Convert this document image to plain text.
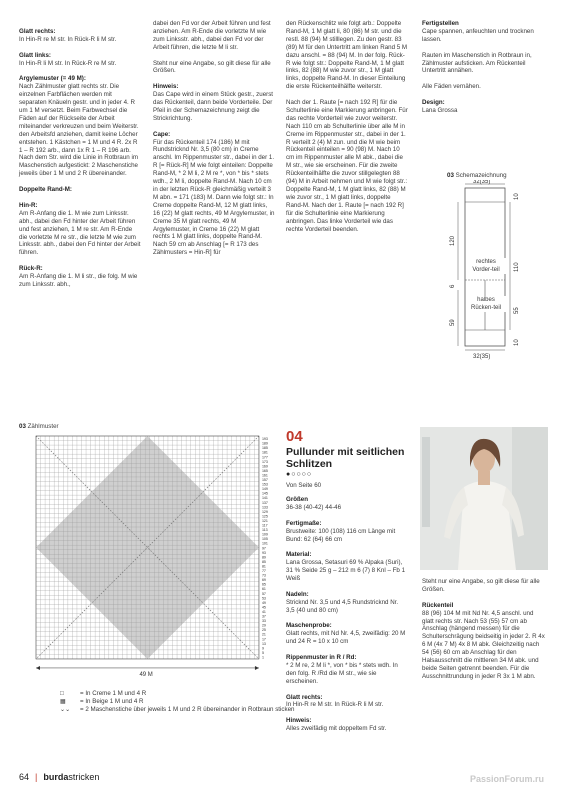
Glatt rechts:
In Hin-R re M str. In Rück-R li M str.

Glatt links:
In Hin-R li M str. In Rück-R re M str.

Argylemuster (= 49 M):
Nach Zählmuster glatt rechts str. Die einzelnen Farbflächen werden mit separaten Knäueln gestr. und in jeder 4. R um 1 M versetzt. Beim Farbwechsel die Fäden auf der Rückseite der Arbeit miteinander verkreuzen und beim Weiterstr. den Arbeitsfd anziehen, damit keine Löcher entstehen. 1 Kästchen = 1 M und 4 R. 2x R 1 – R 192 arb., dann 1x R 1 – R 196 arb. Nach dem Str. wird die Linie in Rotbraun im Maschenstich aufgestickt: 2 Maschenstiche jeweils über 1 M und 2 R übereinander.

Doppelte Rand-M:

Hin-R:
Am R-Anfang die 1. M wie zum Linksstr. abh., dabei den Fd hinter der Arbeit führen und fest anziehen, 1 M re str. Am R-Ende die vorletzte M re str., die letzte M wie zum Linksstr. abh., dabei den Fd hinter der Arbeit führen.

Rück-R:
Am R-Anfang die 1. M li str., die folg. M wie zum Linksstr. abh.,

dabei den Fd vor der Arbeit führen und fest anziehen. Am R-Ende die vorletzte M wie zum Linksstr. abh., dabei den Fd vor der Arbeit führen, die letzte M li str.

Steht nur eine Angabe, so gilt diese für alle Größen.

Hinweis:
Das Cape wird in einem Stück gestr., zuerst das Rückenteil, dann beide Vorderteile. Der Pfeil in der Schemazeichnung zeigt die Strickrichtung.

Cape:
Für das Rückenteil 174 (186) M mit Rundstricknd Nr. 3,5 (80 cm) in Creme anschl. Im Rippenmuster str., dabei in der 1. R [= Rück-R] M wie folgt einteilen: Doppelte Rand-M, * 2 M li, 2 M re *, von * bis * stets wdh., 2 M li, doppelte Rand-M. Nach 10 cm in der letzten Rück-R gleichmäßig verteilt 3 M abn. = 171 (183) M. Dann wie folgt str.: In Creme doppelte Rand-M, 12 M glatt links, 16 (22) M glatt rechts, 49 M Argylemuster, in Creme 35 M glatt rechts, 49 M Argylemuster, in Creme 16 (22) M glatt rechts 1 M glatt links, doppelte Rand-M. Nach 59 cm ab Anschlag [= R 173 des Zählmusters = Hin-R] für

den Rückenschlitz wie folgt arb.: Doppelte Rand-M, 1 M glatt li, 80 (86) M str. und die restl. 88 (94) M stilllegen. Zu den gestr. 83 (89) M für den Untertritt am linken Rand 5 M dazu anschl. = 88 (94) M. In der folg. Rück-R wie folgt str.: Doppelte Rand-M, 1 M glatt links, 82 (88) M wie zuvor str., 1 M glatt links, doppelte Rand-M. In dieser Einteilung die erste Rückenteilhälfte weiterstr.

Nach der 1. Raute [= nach 192 R] für die Schulterlinie eine Markierung anbringen. Für das rechte Vorderteil wie zuvor weiterstr. Nach 110 cm ab Schulterlinie über alle M in Creme im Rippenmuster str., dabei in der 1. R verteilt 2 (4) M zun. und die M wie beim Rückenteil einteilen = 90 (98) M. Nach 10 cm im Rippenmuster alle M abk., dabei die M str., wie sie erscheinen. Für die zweite Rückenteilhälfte die zuvor stillgelegten 88 (94) M in Arbeit nehmen und M wie folgt str.: Doppelte Rand-M, 1 M glatt links, 82 (88) M wie zuvor str., 1 M glatt links, doppelte Rand-M. Nach der 1. Raute [= nach 192 R] für die Schulterlinie eine Markierung anbringen. Das linke Vorderteil wie das rechte Vorderteil beenden.

Fertigstellen
Cape spannen, anfeuchten und trocknen lassen.

Rauten im Maschenstich in Rotbraun in, Zählmuster aufsticken. Am Rückenteil Untertritt annähen.

Alle Fäden vernähen.

Design:
Lana Grossa

03 Schemazeichnung
32(35)
32(35)
120
110
10
10
59
55
6
rechtes Vorder-teil
halbes Rücken-teil
03 Zählmuster
193
189
185
181
177
173
169
165
161
157
153
149
145
141
137
133
129
125
121
117
113
109
105
101
97
93
89
85
81
77
73
69
65
61
57
53
49
45
41
37
33
29
25
21
17
13
9
5
1
49 M
□	= In Creme 1 M und 4 R
▦	= In Beige 1 M und 4 R
⌄⌄	= 2 Maschenstiche über jeweils 1 M und 2 R übereinander in Rotbraun sticken
04
Pullunder mit seitlichen Schlitzen
●○○○○
Von Seite 60

Größen
36-38 (40-42) 44-46

Fertigmaße:
Brustweite: 100 (108) 116 cm Länge mit Bund: 62 (64) 66 cm

Material:
Lana Grossa, Setasuri 69 % Alpaka (Suri), 31 % Seide 25 g – 212 m 6 (7) 8 Knl – Fb 1 Weiß

Nadeln:
Stricknd Nr. 3,5 und 4,5 Rundstricknd Nr. 3,5 (40 und 80 cm)

Maschenprobe:
Glatt rechts, mit Nd Nr. 4,5, zweifädig: 20 M und 24 R = 10 x 10 cm

Rippenmuster in R / Rd:
* 2 M re, 2 M li *, von * bis * stets wdh. In den folg. R /Rd die M str., wie sie erscheinen.

Glatt rechts:
In Hin-R re M str. In Rück-R li M str.

Hinweis:
Alles zweifädig mit doppeltem Fd str.

Steht nur eine Angabe, so gilt diese für alle Größen.

Rückenteil
88 (96) 104 M mit Nd Nr. 4,5 anschl. und glatt rechts str. Nach 53 (55) 57 cm ab Anschlag (hängend messen) für die Schulterschrägung beidseitig in jeder 2. R 4x 6 M (4x 7 M) 4x 8 M abk. Gleichzeitig nach 54 (56) 60 cm ab Anschlag für den Halsausschnitt die mittleren 34 M abk. und beide Seiten getrennt beenden. Für die Ausschnittrundung in jeder R 3x 1 M abn.

64 | burdastricken	PassionForum.ru
